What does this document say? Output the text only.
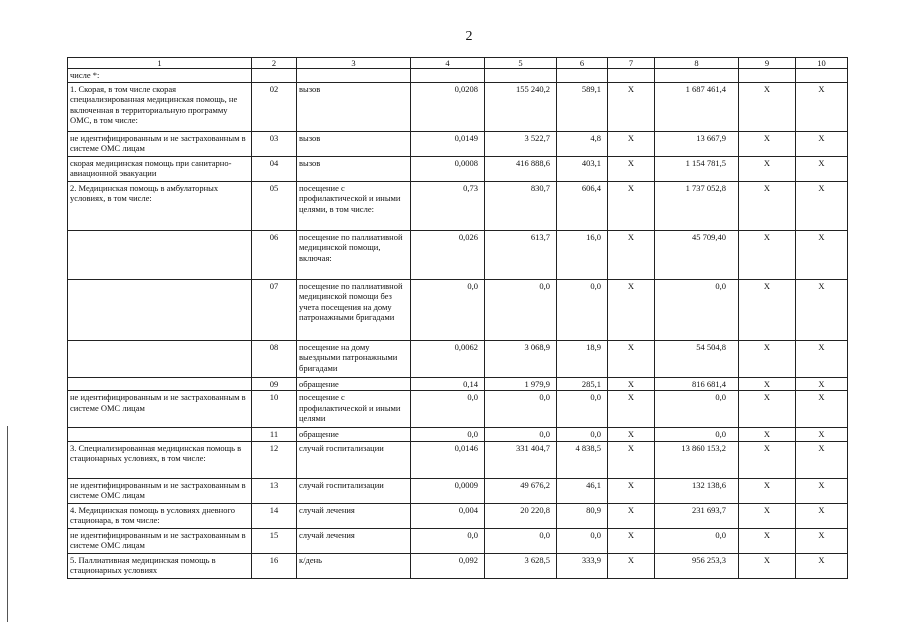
2
1	2	3	4	5	6	7	8	9	10
числе *:									
1. Скорая, в том числе скорая специализированная медицинская помощь, не включенная в территориальную программу ОМС, в том числе:	02	вызов	0,0208	155 240,2	589,1	Х	1 687 461,4	Х	Х
не идентифицированным и не застрахованным в системе ОМС лицам	03	вызов	0,0149	3 522,7	4,8	Х	13 667,9	Х	Х
скорая медицинская помощь при санитарно-авиационной эвакуации	04	вызов	0,0008	416 888,6	403,1	Х	1 154 781,5	Х	Х
2. Медицинская помощь в амбулаторных условиях, в том числе:	05	посещение с профилактической и иными целями, в том числе:	0,73	830,7	606,4	Х	1 737 052,8	Х	Х
	06	посещение по паллиативной медицинской помощи, включая:	0,026	613,7	16,0	Х	45 709,40	Х	Х
	07	посещение по паллиативной медицинской помощи без учета посещения на дому патронажными бригадами	0,0	0,0	0,0	Х	0,0	Х	Х
	08	посещение на дому выездными патронажными бригадами	0,0062	3 068,9	18,9	Х	54 504,8	Х	Х
	09	обращение	0,14	1 979,9	285,1	Х	816 681,4	Х	Х
не идентифицированным и не застрахованным в системе ОМС лицам	10	посещение с профилактической и иными целями	0,0	0,0	0,0	Х	0,0	Х	Х
	11	обращение	0,0	0,0	0,0	Х	0,0	Х	Х
3. Специализированная медицинская помощь в стационарных условиях, в том числе:	12	случай госпитализации	0,0146	331 404,7	4 838,5	Х	13 860 153,2	Х	Х
не идентифицированным и не застрахованным в системе ОМС лицам	13	случай госпитализации	0,0009	49 676,2	46,1	Х	132 138,6	Х	Х
4. Медицинская помощь в условиях дневного стационара, в том числе:	14	случай лечения	0,004	20 220,8	80,9	Х	231 693,7	Х	Х
не идентифицированным и не застрахованным в системе ОМС лицам	15	случай лечения	0,0	0,0	0,0	Х	0,0	Х	Х
5. Паллиативная медицинская помощь в стационарных условиях	16	к/день	0,092	3 628,5	333,9	Х	956 253,3	Х	Х
